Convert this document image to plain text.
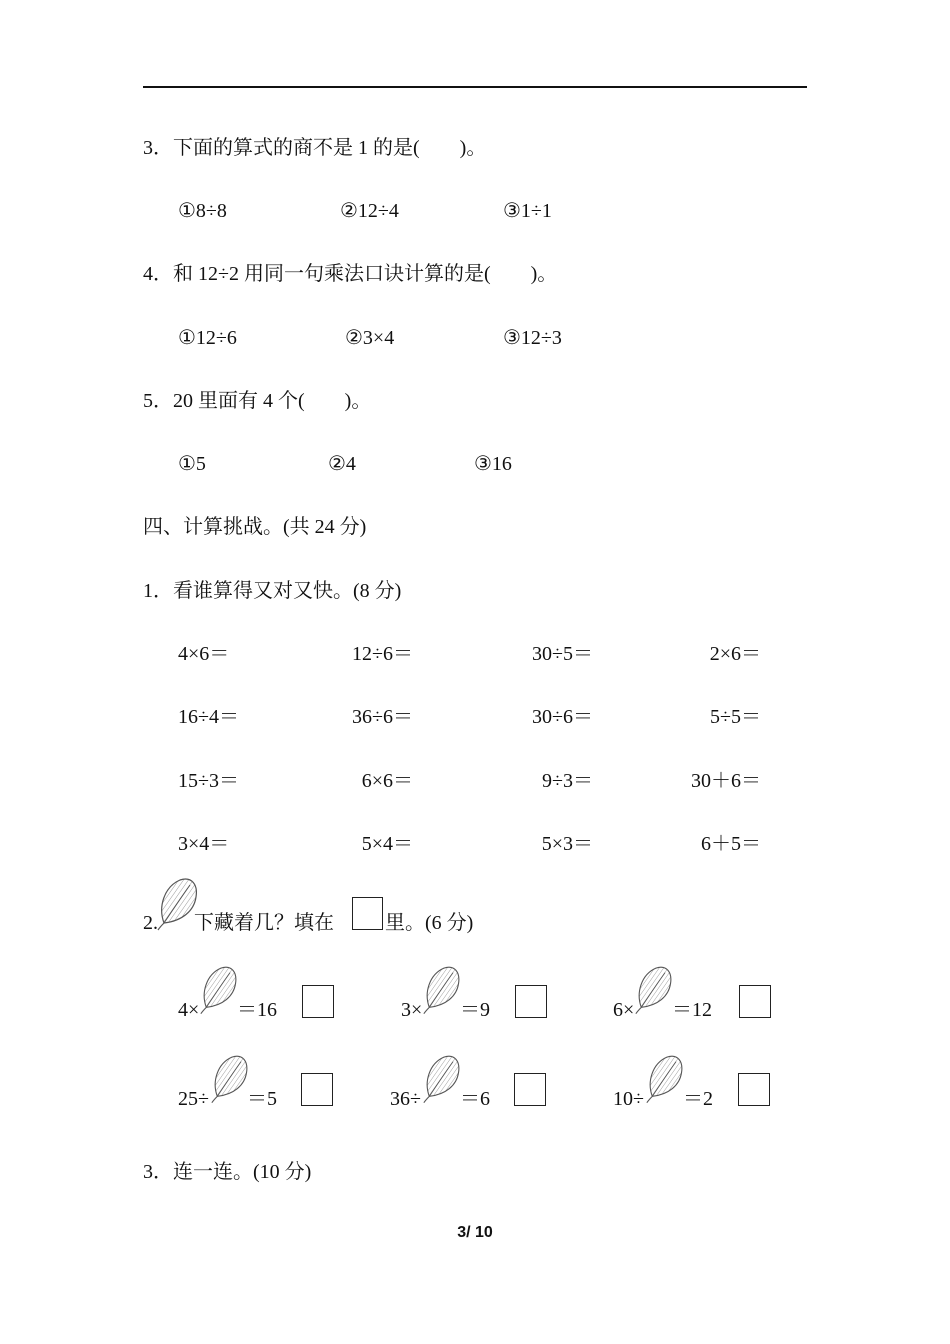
3．下面的算式的商不是 1 的是(　　)。
①8÷8	②12÷4	③1÷1
4．和 12÷2 用同一句乘法口诀计算的是(　　)。
①12÷6	②3×4	③12÷3
5．20 里面有 4 个(　　)。
①5	②4	③16
四、计算挑战。(共 24 分)
1．看谁算得又对又快。(8 分)
4×6＝	12÷6＝	30÷5＝	2×6＝
16÷4＝	36÷6＝	30÷6＝	5÷5＝
15÷3＝	6×6＝	9÷3＝	30＋6＝
3×4＝	5×4＝	5×3＝	6＋5＝
2. 下藏着几？填在	里。(6 分)
4× ＝16	3× ＝9	6× ＝12
25÷ ＝5	36÷ ＝6	10÷ ＝2
3．连一连。(10 分)
3/ 10
